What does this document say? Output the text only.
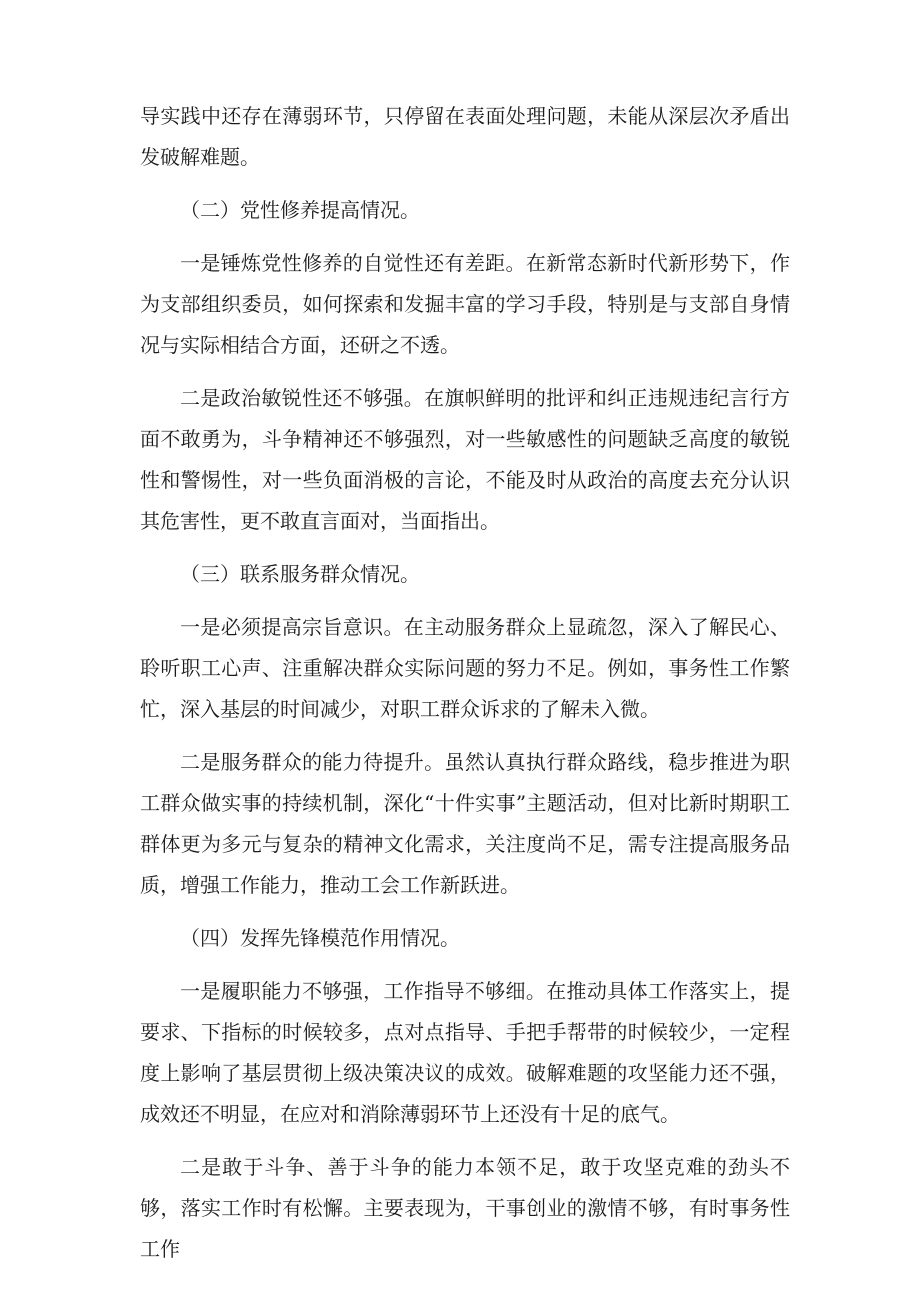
导实践中还存在薄弱环节，只停留在表面处理问题，未能从深层次矛盾出发破解难题。

（二）党性修养提高情况。

一是锤炼党性修养的自觉性还有差距。在新常态新时代新形势下，作为支部组织委员，如何探索和发掘丰富的学习手段，特别是与支部自身情况与实际相结合方面，还研之不透。

二是政治敏锐性还不够强。在旗帜鲜明的批评和纠正违规违纪言行方面不敢勇为，斗争精神还不够强烈，对一些敏感性的问题缺乏高度的敏锐性和警惕性，对一些负面消极的言论，不能及时从政治的高度去充分认识其危害性，更不敢直言面对，当面指出。

（三）联系服务群众情况。

一是必须提高宗旨意识。在主动服务群众上显疏忽，深入了解民心、聆听职工心声、注重解决群众实际问题的努力不足。例如，事务性工作繁忙，深入基层的时间减少，对职工群众诉求的了解未入微。

二是服务群众的能力待提升。虽然认真执行群众路线，稳步推进为职工群众做实事的持续机制，深化“十件实事”主题活动，但对比新时期职工群体更为多元与复杂的精神文化需求，关注度尚不足，需专注提高服务品质，增强工作能力，推动工会工作新跃进。

（四）发挥先锋模范作用情况。

一是履职能力不够强，工作指导不够细。在推动具体工作落实上，提要求、下指标的时候较多，点对点指导、手把手帮带的时候较少，一定程度上影响了基层贯彻上级决策决议的成效。破解难题的攻坚能力还不强，成效还不明显，在应对和消除薄弱环节上还没有十足的底气。

二是敢于斗争、善于斗争的能力本领不足，敢于攻坚克难的劲头不够，落实工作时有松懈。主要表现为，干事创业的激情不够，有时事务性工作
